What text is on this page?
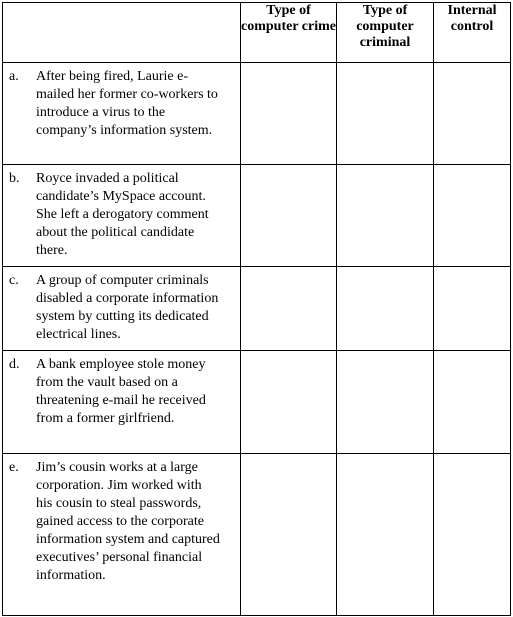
	Type of computer crime	Type of computer criminal	Internal control

a. After being fired, Laurie e-mailed her former co-workers to introduce a virus to the company’s information system.			

b. Royce invaded a political candidate’s MySpace account. She left a derogatory comment about the political candidate there.			

c. A group of computer criminals disabled a corporate information system by cutting its dedicated electrical lines.			

d. A bank employee stole money from the vault based on a threatening e-mail he received from a former girlfriend.			

e. Jim’s cousin works at a large corporation. Jim worked with his cousin to steal passwords, gained access to the corporate information system and captured executives’ personal financial information.			
